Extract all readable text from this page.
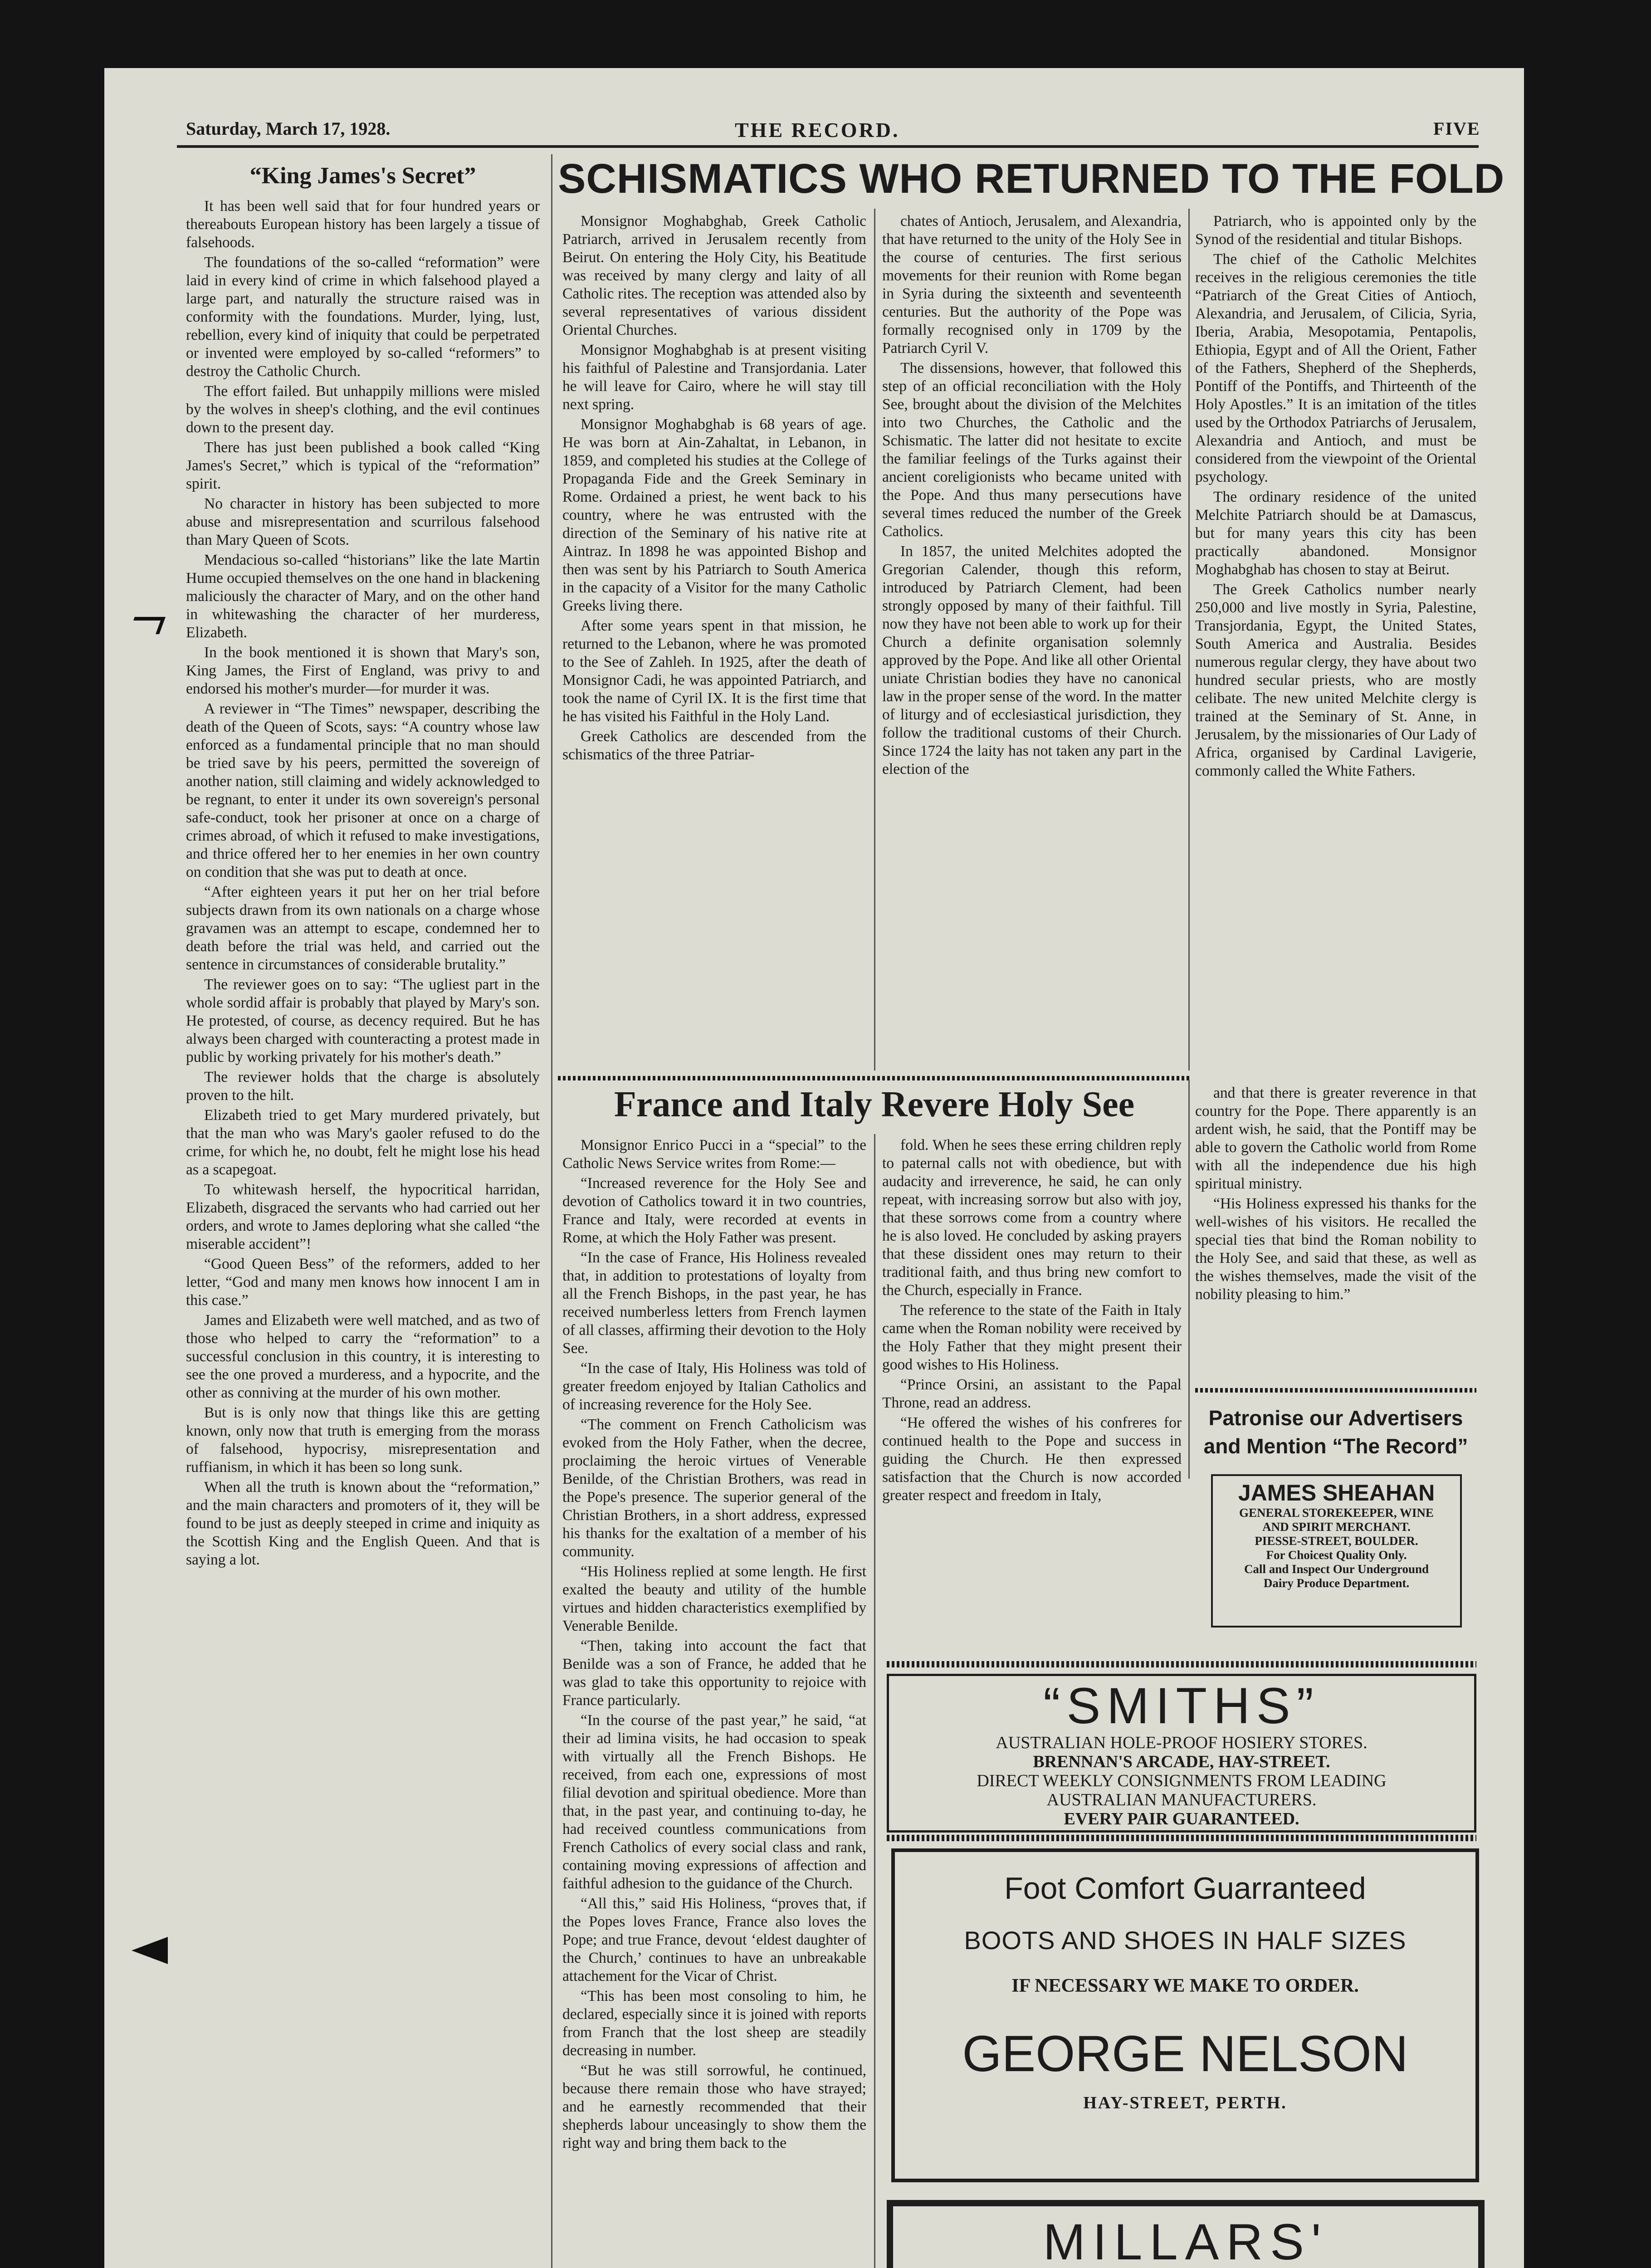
Saturday, March 17, 1928.	THE RECORD.	FIVE
“King James's Secret”

It has been well said that for four hundred years or thereabouts European history has been largely a tissue of falsehoods.

The foundations of the so-called “reformation” were laid in every kind of crime in which falsehood played a large part, and naturally the structure raised was in conformity with the foundations. Murder, lying, lust, rebellion, every kind of iniquity that could be perpetrated or invented were employed by so-called “reformers” to destroy the Catholic Church.

The effort failed. But unhappily millions were misled by the wolves in sheep's clothing, and the evil continues down to the present day.

There has just been published a book called “King James's Secret,” which is typical of the “reformation” spirit.

No character in history has been subjected to more abuse and misrepresentation and scurrilous falsehood than Mary Queen of Scots.

Mendacious so-called “historians” like the late Martin Hume occupied themselves on the one hand in blackening maliciously the character of Mary, and on the other hand in whitewashing the character of her murderess, Elizabeth.

In the book mentioned it is shown that Mary's son, King James, the First of England, was privy to and endorsed his mother's murder—for murder it was.

A reviewer in “The Times” newspaper, describing the death of the Queen of Scots, says: “A country whose law enforced as a fundamental principle that no man should be tried save by his peers, permitted the sovereign of another nation, still claiming and widely acknowledged to be regnant, to enter it under its own sovereign's personal safe-conduct, took her prisoner at once on a charge of crimes abroad, of which it refused to make investigations, and thrice offered her to her enemies in her own country on condition that she was put to death at once.

“After eighteen years it put her on her trial before subjects drawn from its own nationals on a charge whose gravamen was an attempt to escape, condemned her to death before the trial was held, and carried out the sentence in circumstances of considerable brutality.”

The reviewer goes on to say: “The ugliest part in the whole sordid affair is probably that played by Mary's son. He protested, of course, as decency required. But he has always been charged with counteracting a protest made in public by working privately for his mother's death.”

The reviewer holds that the charge is absolutely proven to the hilt.

Elizabeth tried to get Mary murdered privately, but that the man who was Mary's gaoler refused to do the crime, for which he, no doubt, felt he might lose his head as a scapegoat.

To whitewash herself, the hypocritical harridan, Elizabeth, disgraced the servants who had carried out her orders, and wrote to James deploring what she called “the miserable accident”!

“Good Queen Bess” of the reformers, added to her letter, “God and many men knows how innocent I am in this case.”

James and Elizabeth were well matched, and as two of those who helped to carry the “reformation” to a successful conclusion in this country, it is interesting to see the one proved a murderess, and a hypocrite, and the other as conniving at the murder of his own mother.

But is is only now that things like this are getting known, only now that truth is emerging from the morass of falsehood, hypocrisy, misrepresentation and ruffianism, in which it has been so long sunk.

When all the truth is known about the “reformation,” and the main characters and promoters of it, they will be found to be just as deeply steeped in crime and iniquity as the Scottish King and the English Queen. And that is saying a lot.

SCHISMATICS WHO RETURNED TO THE FOLD

Monsignor Moghabghab, Greek Catholic Patriarch, arrived in Jerusalem recently from Beirut. On entering the Holy City, his Beatitude was received by many clergy and laity of all Catholic rites. The reception was attended also by several representatives of various dissident Oriental Churches.

Monsignor Moghabghab is at present visiting his faithful of Palestine and Transjordania. Later he will leave for Cairo, where he will stay till next spring.

Monsignor Moghabghab is 68 years of age. He was born at Ain-Zahaltat, in Lebanon, in 1859, and completed his studies at the College of Propaganda Fide and the Greek Seminary in Rome. Ordained a priest, he went back to his country, where he was entrusted with the direction of the Seminary of his native rite at Aintraz. In 1898 he was appointed Bishop and then was sent by his Patriarch to South America in the capacity of a Visitor for the many Catholic Greeks living there.

After some years spent in that mission, he returned to the Lebanon, where he was promoted to the See of Zahleh. In 1925, after the death of Monsignor Cadi, he was appointed Patriarch, and took the name of Cyril IX. It is the first time that he has visited his Faithful in the Holy Land.

Greek Catholics are descended from the schismatics of the three Patriar-

chates of Antioch, Jerusalem, and Alexandria, that have returned to the unity of the Holy See in the course of centuries. The first serious movements for their reunion with Rome began in Syria during the sixteenth and seventeenth centuries. But the authority of the Pope was formally recognised only in 1709 by the Patriarch Cyril V.

The dissensions, however, that followed this step of an official reconciliation with the Holy See, brought about the division of the Melchites into two Churches, the Catholic and the Schismatic. The latter did not hesitate to excite the familiar feelings of the Turks against their ancient coreligionists who became united with the Pope. And thus many persecutions have several times reduced the number of the Greek Catholics.

In 1857, the united Melchites adopted the Gregorian Calender, though this reform, introduced by Patriarch Clement, had been strongly opposed by many of their faithful. Till now they have not been able to work up for their Church a definite organisation solemnly approved by the Pope. And like all other Oriental uniate Christian bodies they have no canonical law in the proper sense of the word. In the matter of liturgy and of ecclesiastical jurisdiction, they follow the traditional customs of their Church. Since 1724 the laity has not taken any part in the election of the

Patriarch, who is appointed only by the Synod of the residential and titular Bishops.

The chief of the Catholic Melchites receives in the religious ceremonies the title “Patriarch of the Great Cities of Antioch, Alexandria, and Jerusalem, of Cilicia, Syria, Iberia, Arabia, Mesopotamia, Pentapolis, Ethiopia, Egypt and of All the Orient, Father of the Fathers, Shepherd of the Shepherds, Pontiff of the Pontiffs, and Thirteenth of the Holy Apostles.” It is an imitation of the titles used by the Orthodox Patriarchs of Jerusalem, Alexandria and Antioch, and must be considered from the viewpoint of the Oriental psychology.

The ordinary residence of the united Melchite Patriarch should be at Damascus, but for many years this city has been practically abandoned. Monsignor Moghabghab has chosen to stay at Beirut.

The Greek Catholics number nearly 250,000 and live mostly in Syria, Palestine, Transjordania, Egypt, the United States, South America and Australia. Besides numerous regular clergy, they have about two hundred secular priests, who are mostly celibate. The new united Melchite clergy is trained at the Seminary of St. Anne, in Jerusalem, by the missionaries of Our Lady of Africa, organised by Cardinal Lavigerie, commonly called the White Fathers.

France and Italy Revere Holy See

Monsignor Enrico Pucci in a “special” to the Catholic News Service writes from Rome:—

“Increased reverence for the Holy See and devotion of Catholics toward it in two countries, France and Italy, were recorded at events in Rome, at which the Holy Father was present.

“In the case of France, His Holiness revealed that, in addition to protestations of loyalty from all the French Bishops, in the past year, he has received numberless letters from French laymen of all classes, affirming their devotion to the Holy See.

“In the case of Italy, His Holiness was told of greater freedom enjoyed by Italian Catholics and of increasing reverence for the Holy See.

“The comment on French Catholicism was evoked from the Holy Father, when the decree, proclaiming the heroic virtues of Venerable Benilde, of the Christian Brothers, was read in the Pope's presence. The superior general of the Christian Brothers, in a short address, expressed his thanks for the exaltation of a member of his community.

“His Holiness replied at some length. He first exalted the beauty and utility of the humble virtues and hidden characteristics exemplified by Venerable Benilde.

“Then, taking into account the fact that Benilde was a son of France, he added that he was glad to take this opportunity to rejoice with France particularly.

“In the course of the past year,” he said, “at their ad limina visits, he had occasion to speak with virtually all the French Bishops. He received, from each one, expressions of most filial devotion and spiritual obedience. More than that, in the past year, and continuing to-day, he had received countless communications from French Catholics of every social class and rank, containing moving expressions of affection and faithful adhesion to the guidance of the Church.

“All this,” said His Holiness, “proves that, if the Popes loves France, France also loves the Pope; and true France, devout ‘eldest daughter of the Church,’ continues to have an unbreakable attachement for the Vicar of Christ.

“This has been most consoling to him, he declared, especially since it is joined with reports from Franch that the lost sheep are steadily decreasing in number.

“But he was still sorrowful, he continued, because there remain those who have strayed; and he earnestly recommended that their shepherds labour unceasingly to show them the right way and bring them back to the

fold. When he sees these erring children reply to paternal calls not with obedience, but with audacity and irreverence, he said, he can only repeat, with increasing sorrow but also with joy, that these sorrows come from a country where he is also loved. He concluded by asking prayers that these dissident ones may return to their traditional faith, and thus bring new comfort to the Church, especially in France.

The reference to the state of the Faith in Italy came when the Roman nobility were received by the Holy Father that they might present their good wishes to His Holiness.

“Prince Orsini, an assistant to the Papal Throne, read an address.

“He offered the wishes of his confreres for continued health to the Pope and success in guiding the Church. He then expressed satisfaction that the Church is now accorded greater respect and freedom in Italy,

and that there is greater reverence in that country for the Pope. There apparently is an ardent wish, he said, that the Pontiff may be able to govern the Catholic world from Rome with all the independence due his high spiritual ministry.

“His Holiness expressed his thanks for the well-wishes of his visitors. He recalled the special ties that bind the Roman nobility to the Holy See, and said that these, as well as the wishes themselves, made the visit of the nobility pleasing to him.”

Patronise our Advertisers
and Mention “The Record”
JAMES SHEAHAN
GENERAL STOREKEEPER, WINE
AND SPIRIT MERCHANT.
PIESSE-STREET, BOULDER.
For Choicest Quality Only.
Call and Inspect Our Underground
Dairy Produce Department.
“SMITHS”
AUSTRALIAN HOLE-PROOF HOSIERY STORES.
BRENNAN'S ARCADE, HAY-STREET.
DIRECT WEEKLY CONSIGNMENTS FROM LEADING
AUSTRALIAN MANUFACTURERS.
EVERY PAIR GUARANTEED.
Foot Comfort Guarranteed
BOOTS AND SHOES IN HALF SIZES
IF NECESSARY WE MAKE TO ORDER.
GEORGE NELSON
HAY-STREET, PERTH.
MILLARS'
